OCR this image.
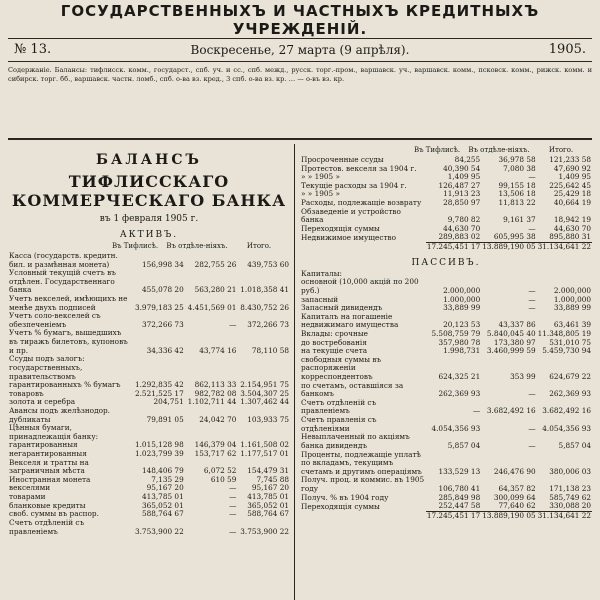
ГОСУДАРСТВЕННЫХЪ И ЧАСТНЫХЪ КРЕДИТНЫХЪ УЧРЕЖДЕНІЙ.
№ 13.	Воскресенье, 27 марта (9 апрѣля).	1905.
Содержаніе. Балансы: тифлисск. комм., государст., спб. уч. и сс., спб. межд., русск. торг.-пром., варшавск. уч., варшавск. комм., псковск. комм., рижск. комм. и сибирск. торг. бб., варшавск. частн. ломб., спб. о-ва вз. кред., 3 спб. о-ва вз. кр. … — о-въ вз. кр.
БАЛАНСЪ
ТИФЛИССКАГО КОММЕРЧЕСКАГО БАНКА
въ 1 февраля 1905 г.
АКТИВЪ.
Въ Тифлисѣ.	Въ отдѣле-ніяхъ.	Итого.
Касса (государств. кредитн. бил. и размѣнная монета)	156,998 34	282,755 26	439,753 60
Условный текущій счетъ въ отдѣлен. Государственнаго банка	455,078 20	563,280 21	1.018,358 41
Учетъ векселей, имѣющихъ не менѣе двухъ подписей	3.979,183 25	4.451,569 01	8.430,752 26
Учетъ соло-векселей съ обезпеченіемъ	372,266 73	—	372,266 73
Учетъ % бумагъ, вышедшихъ въ тиражъ билетовъ, купоновъ и пр.	34,336 42	43,774 16	78,110 58
Ссуды подъ залогъ: государственныхъ, правительствомъ гарантированныхъ % бумагъ	1.292,835 42	862,113 33	2.154,951 75
товаровъ	2.521,525 17	982,782 08	3.504,307 25
золота и серебра	204,751	1.102,711 44	1.307,462 44
Авансы подъ желѣзнодор. дубликаты	79,891 05	24,042 70	103,933 75
Цѣнныя бумаги, принадлежащія банку: гарантированныя	1.015,128 98	146,379 04	1.161,508 02
негарантированныя	1.023,799 39	153,717 62	1.177,517 01
Векселя и тратты на заграничныя мѣста	148,406 79	6,072 52	154,479 31
Иностранная монета	7,135 29	610 59	7,745 88
векселями	95,167 20	—	95,167 20
товарами	413,785 01	—	413,785 01
бланковые кредиты	365,052 01	—	365,052 01
своб. суммы въ распор.	588,764 67	—	588,764 67
Счетъ отдѣленій съ правленіемъ	3.753,900 22	—	3.753,900 22
Въ Тифлисѣ.	Въ отдѣле-ніяхъ.	Итого.
Просроченные ссуды	84,255	36,978 58	121,233 58
Протестов. векселя за 1904 г.	40,390 54	7,080 38	47,690 92
» » 1905 »	1,409 95	—	1,409 95
Текущіе расходы за 1904 г.	126,487 27	99,155 18	225,642 45
» » 1905 »	11,913 23	13,506 18	25,429 18
Расходы, подлежащіе возврату	28,850 97	11,813 22	40,664 19
Обзаведеніе и устройство банка	9,780 82	9,161 37	18,942 19
Переходящія суммы	44,630 70	—	44,630 70
Недвижимое имущество	289,883 02	605,995 38	895,880 31
	17.245,451 17	13.889,190 05	31.134,641 22
ПАССИВЪ.
Капиталы:			
основной (10,000 акцій по 200 руб.)	2.000,000	—	2.000,000
запасный	1.000,000	—	1.000,000
Запасный дивидендъ	33,889 99	—	33,889 99
Капиталъ на погашеніе недвижимаго имущества	20,123 53	43,337 86	63,461 39
Вклады: срочные	5.508,759 79	5.840,045 40	11.348,805 19
до востребованія	357,980 78	173,380 97	531,010 75
на текущіе счета	1.998,731	3.460,999 59	5.459,730 94
свободныя суммы въ распоряженіи корреспондентовъ	624,325 21	353 99	624,679 22
по счетамъ, оставшіяся за банкомъ	262,369 93	—	262,369 93
Счетъ отдѣленій съ правленіемъ	—	3.682,492 16	3.682,492 16
Счетъ правленія съ отдѣленіями	4.054,356 93	—	4.054,356 93
Невыплаченный по акціямъ банка дивидендъ	5,857 04	—	5,857 04
Проценты, подлежащіе уплатѣ по вкладамъ, текущимъ счетамъ и другимъ операціямъ	133,529 13	246,476 90	380,006 03
Получ. проц. и коммис. въ 1905 году	106,780 41	64,357 82	171,138 23
Получ. % въ 1904 году	285,849 98	300,099 64	585,749 62
Переходящія суммы	252,447 58	77,640 62	330,088 20
	17.245,451 17	13.889,190 05	31.134,641 22
